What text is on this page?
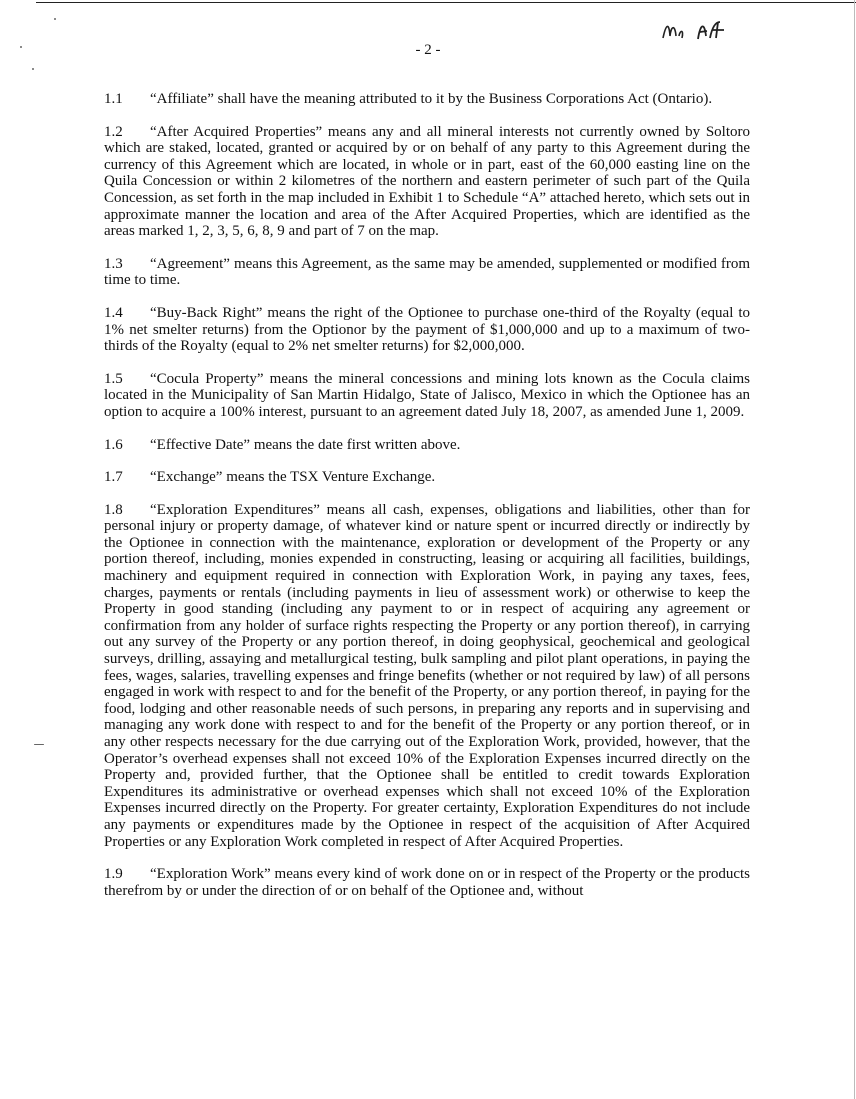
- 2 -

1.1 “Affiliate” shall have the meaning attributed to it by the Business Corporations Act (Ontario).

1.2 “After Acquired Properties” means any and all mineral interests not currently owned by Soltoro which are staked, located, granted or acquired by or on behalf of any party to this Agreement during the currency of this Agreement which are located, in whole or in part, east of the 60,000 easting line on the Quila Concession or within 2 kilometres of the northern and eastern perimeter of such part of the Quila Concession, as set forth in the map included in Exhibit 1 to Schedule “A” attached hereto, which sets out in approximate manner the location and area of the After Acquired Properties, which are identified as the areas marked 1, 2, 3, 5, 6, 8, 9 and part of 7 on the map.

1.3 “Agreement” means this Agreement, as the same may be amended, supplemented or modified from time to time.

1.4 “Buy-Back Right” means the right of the Optionee to purchase one-third of the Royalty (equal to 1% net smelter returns) from the Optionor by the payment of $1,000,000 and up to a maximum of two-thirds of the Royalty (equal to 2% net smelter returns) for $2,000,000.

1.5 “Cocula Property” means the mineral concessions and mining lots known as the Cocula claims located in the Municipality of San Martin Hidalgo, State of Jalisco, Mexico in which the Optionee has an option to acquire a 100% interest, pursuant to an agreement dated July 18, 2007, as amended June 1, 2009.

1.6 “Effective Date” means the date first written above.

1.7 “Exchange” means the TSX Venture Exchange.

1.8 “Exploration Expenditures” means all cash, expenses, obligations and liabilities, other than for personal injury or property damage, of whatever kind or nature spent or incurred directly or indirectly by the Optionee in connection with the maintenance, exploration or development of the Property or any portion thereof, including, monies expended in constructing, leasing or acquiring all facilities, buildings, machinery and equipment required in connection with Exploration Work, in paying any taxes, fees, charges, payments or rentals (including payments in lieu of assessment work) or otherwise to keep the Property in good standing (including any payment to or in respect of acquiring any agreement or confirmation from any holder of surface rights respecting the Property or any portion thereof), in carrying out any survey of the Property or any portion thereof, in doing geophysical, geochemical and geological surveys, drilling, assaying and metallurgical testing, bulk sampling and pilot plant operations, in paying the fees, wages, salaries, travelling expenses and fringe benefits (whether or not required by law) of all persons engaged in work with respect to and for the benefit of the Property, or any portion thereof, in paying for the food, lodging and other reasonable needs of such persons, in preparing any reports and in supervising and managing any work done with respect to and for the benefit of the Property or any portion thereof, or in any other respects necessary for the due carrying out of the Exploration Work, provided, however, that the Operator’s overhead expenses shall not exceed 10% of the Exploration Expenses incurred directly on the Property and, provided further, that the Optionee shall be entitled to credit towards Exploration Expenditures its administrative or overhead expenses which shall not exceed 10% of the Exploration Expenses incurred directly on the Property. For greater certainty, Exploration Expenditures do not include any payments or expenditures made by the Optionee in respect of the acquisition of After Acquired Properties or any Exploration Work completed in respect of After Acquired Properties.

1.9 “Exploration Work” means every kind of work done on or in respect of the Property or the products therefrom by or under the direction of or on behalf of the Optionee and, without
